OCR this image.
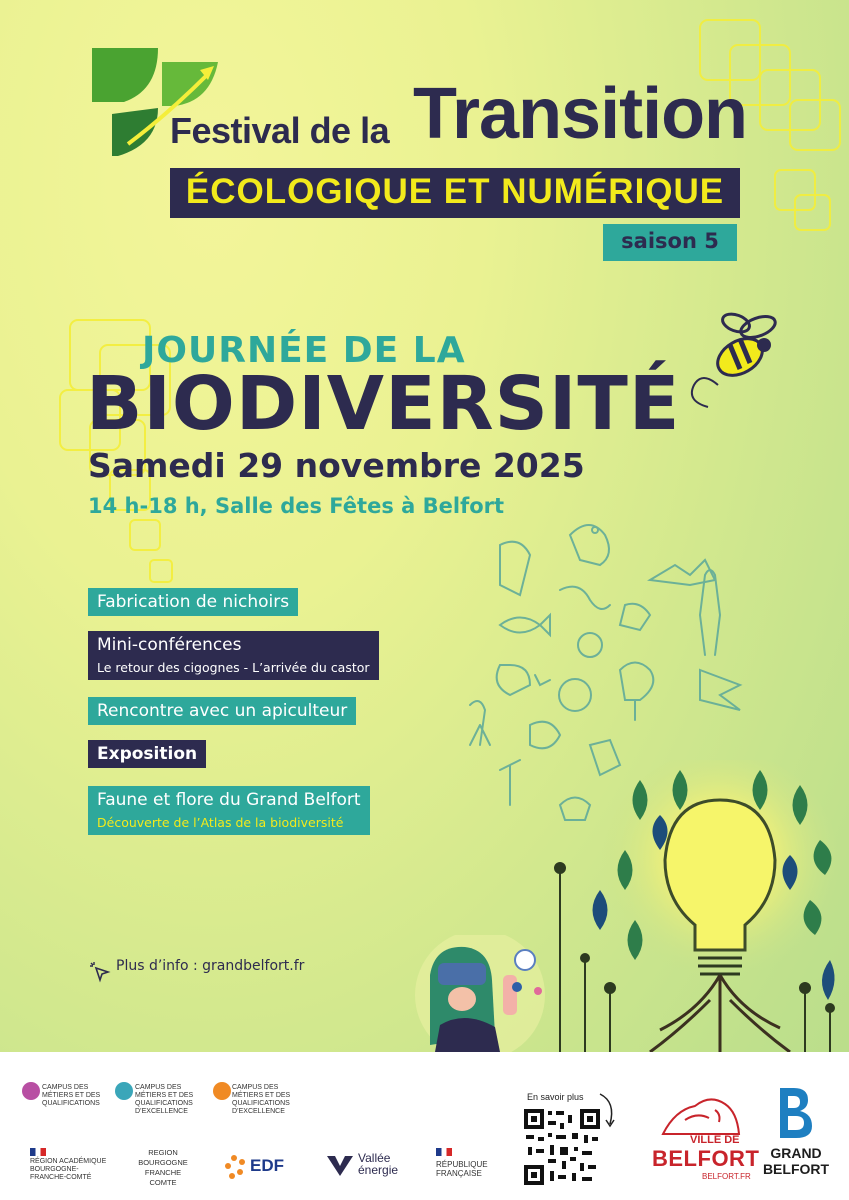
Festival de la Transition
ÉCOLOGIQUE ET NUMÉRIQUE
saison 5
JOURNÉE DE LA
BIODIVERSITÉ
Samedi 29 novembre 2025
14 h-18 h, Salle des Fêtes à Belfort
Fabrication de nichoirs
Mini-conférences
Le retour des cigognes - L’arrivée du castor
Rencontre avec un apiculteur
Exposition
Faune et flore du Grand Belfort
Découverte de l’Atlas de la biodiversité
Plus d’info : grandbelfort.fr
CAMPUS DES MÉTIERS ET DES QUALIFICATIONS
CAMPUS DES MÉTIERS ET DES QUALIFICATIONS D’EXCELLENCE
CAMPUS DES MÉTIERS ET DES QUALIFICATIONS D’EXCELLENCE
RÉGION ACADÉMIQUE BOURGOGNE-FRANCHE-COMTÉ
REGION BOURGOGNE FRANCHE COMTE
EDF	Vallée énergie	RÉPUBLIQUE FRANÇAISE
En savoir plus
VILLE DE
BELFORT
BELFORT.FR
GRAND
BELFORT
